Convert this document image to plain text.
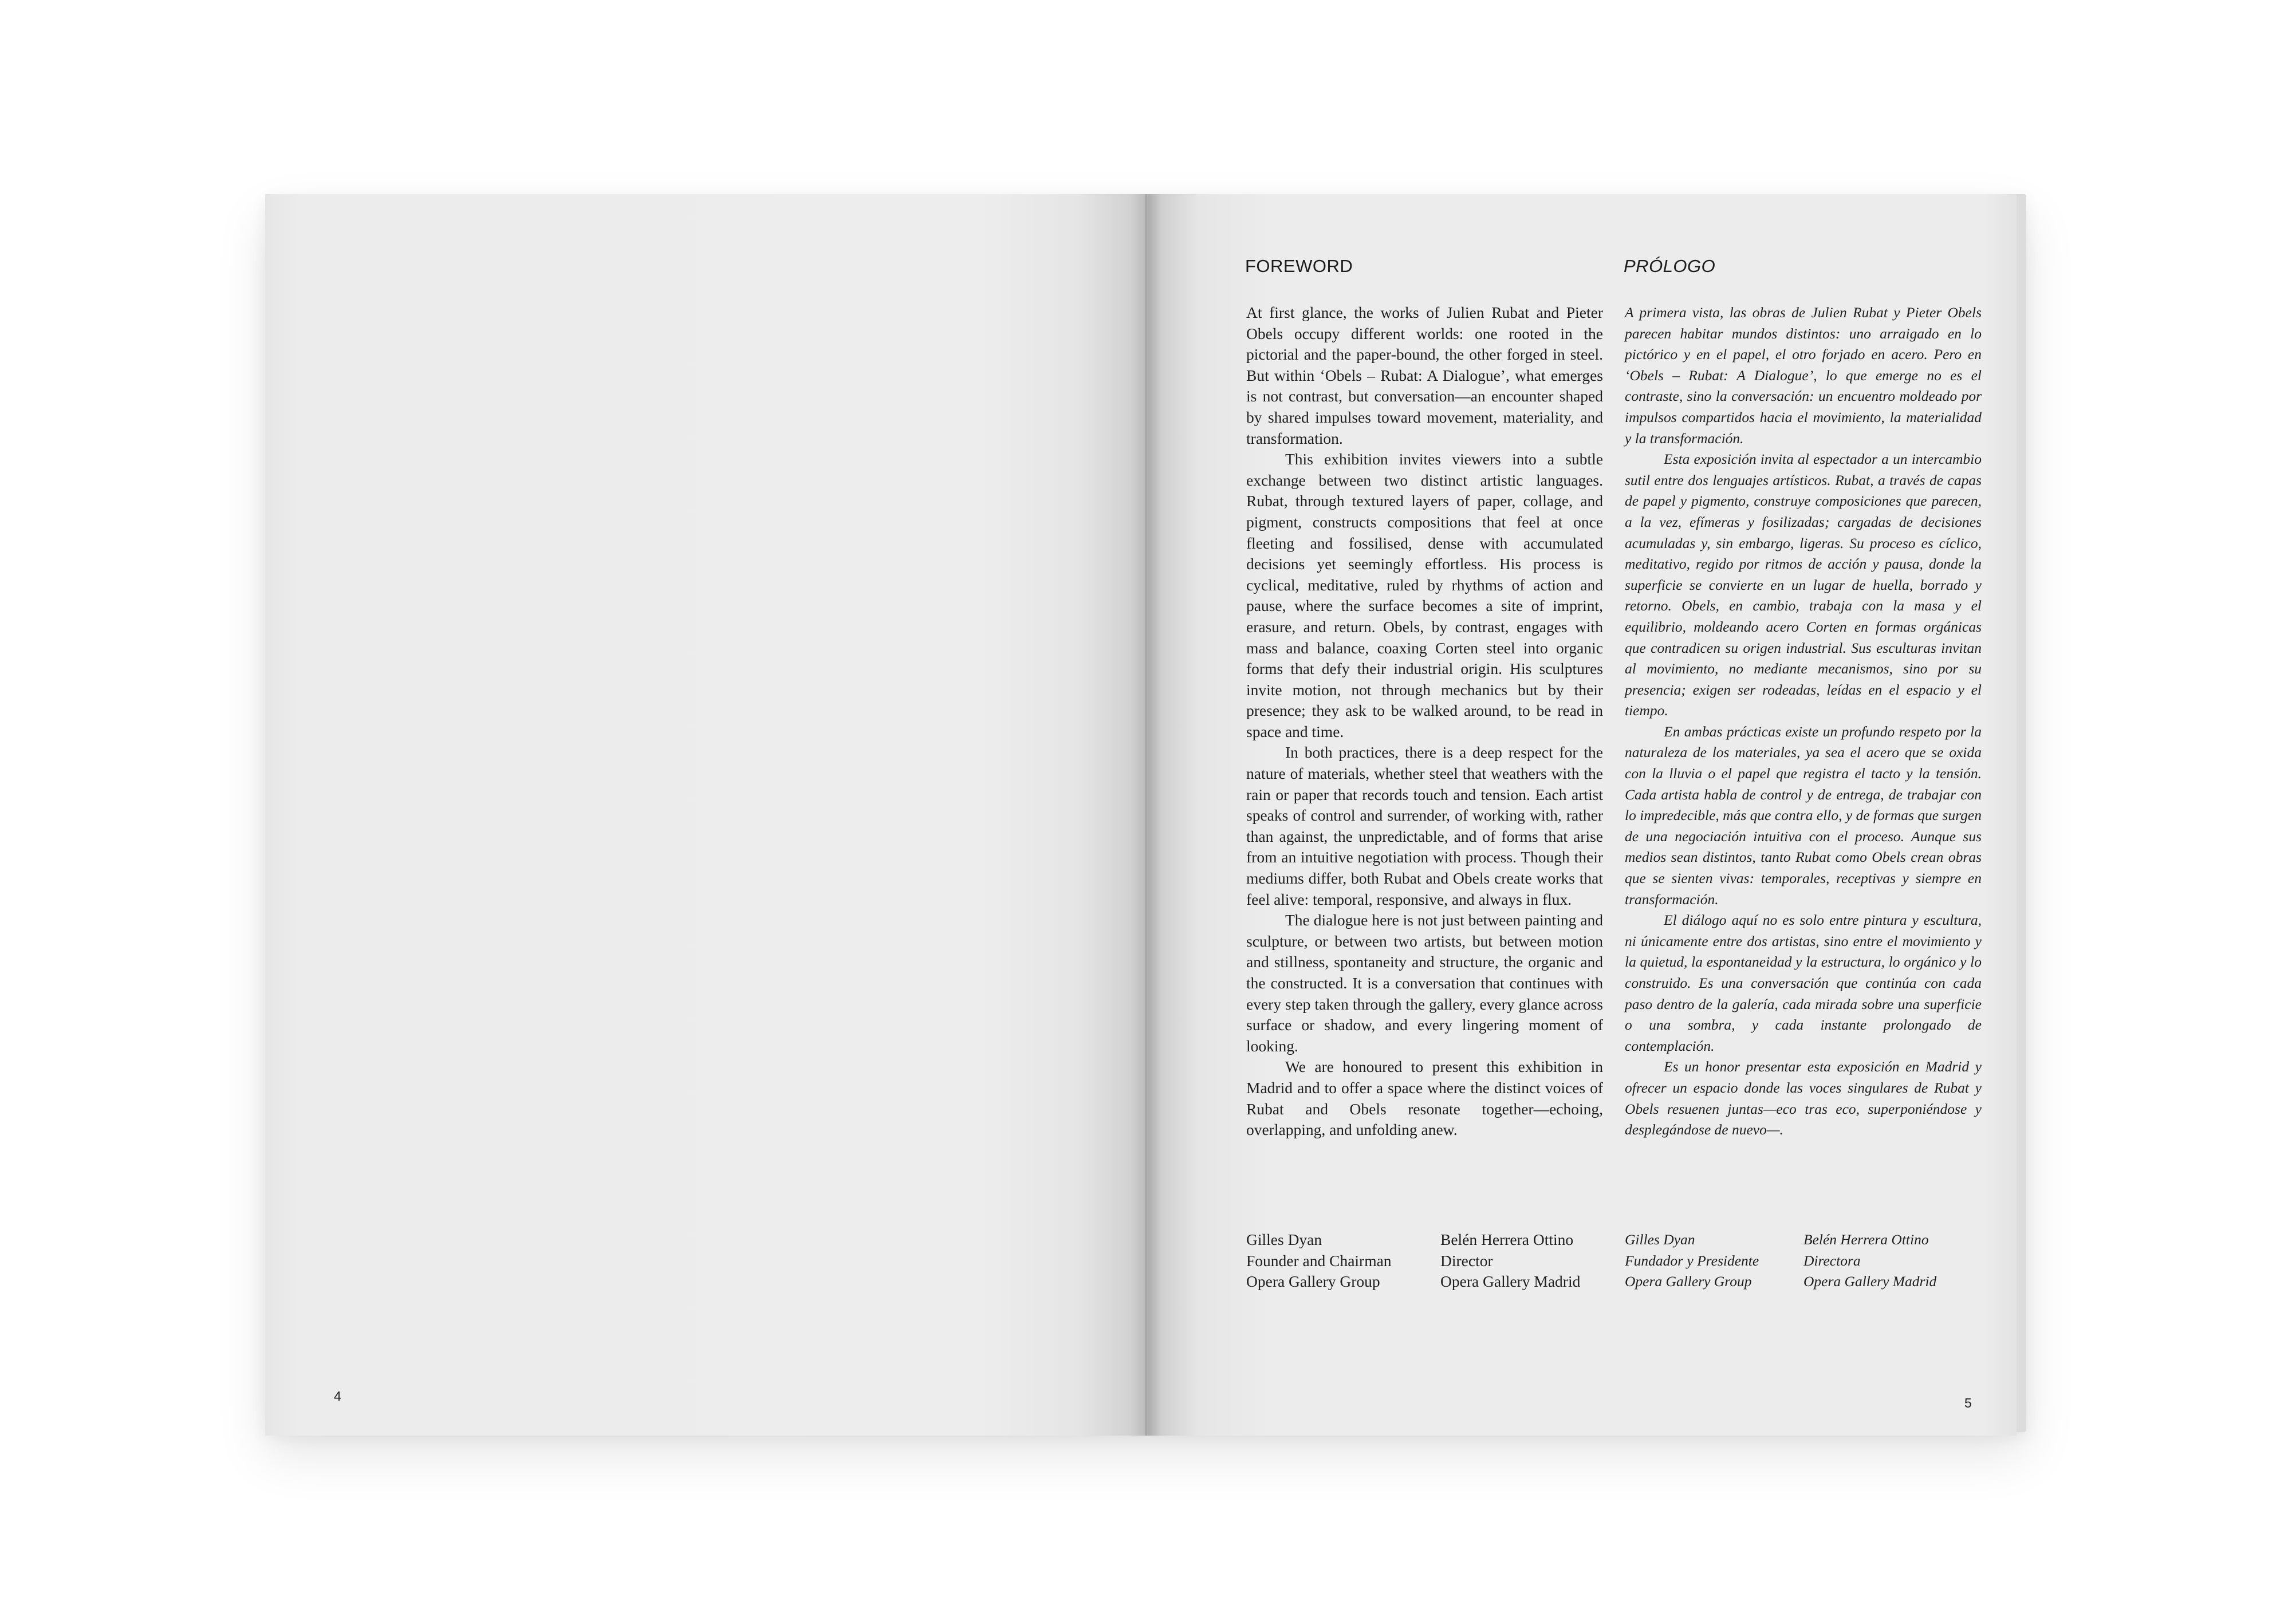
4
FOREWORD	PRÓLOGO

At first glance, the works of Julien Rubat and Pieter Obels occupy different worlds: one rooted in the pictorial and the paper-bound, the other forged in steel. But within ‘Obels – Rubat: A Dialogue’, what emerges is not contrast, but conversation—an encounter shaped by shared impulses toward movement, materiality, and transformation.

This exhibition invites viewers into a subtle exchange between two distinct artistic languages. Rubat, through textured layers of paper, collage, and pigment, constructs compositions that feel at once fleeting and fossilised, dense with accumulated decisions yet seemingly effortless. His process is cyclical, meditative, ruled by rhythms of action and pause, where the surface becomes a site of imprint, erasure, and return. Obels, by contrast, engages with mass and balance, coaxing Corten steel into organic forms that defy their industrial origin. His sculptures invite motion, not through mechanics but by their presence; they ask to be walked around, to be read in space and time.

In both practices, there is a deep respect for the nature of materials, whether steel that weathers with the rain or paper that records touch and tension. Each artist speaks of control and surrender, of working with, rather than against, the unpredictable, and of forms that arise from an intuitive negotiation with process. Though their mediums differ, both Rubat and Obels create works that feel alive: temporal, responsive, and always in flux.

The dialogue here is not just between painting and sculpture, or between two artists, but between motion and stillness, spontaneity and structure, the organic and the constructed. It is a conversation that continues with every step taken through the gallery, every glance across surface or shadow, and every lingering moment of looking.

We are honoured to present this exhibition in Madrid and to offer a space where the distinct voices of Rubat and Obels resonate together—echoing, overlapping, and unfolding anew.

A primera vista, las obras de Julien Rubat y Pieter Obels parecen habitar mundos distintos: uno arraigado en lo pictórico y en el papel, el otro forjado en acero. Pero en ‘Obels – Rubat: A Dialogue’, lo que emerge no es el contraste, sino la conversación: un encuentro moldeado por impulsos compartidos hacia el movimiento, la materialidad y la transformación.

Esta exposición invita al espectador a un intercambio sutil entre dos lenguajes artísticos. Rubat, a través de capas de papel y pigmento, construye composiciones que parecen, a la vez, efímeras y fosilizadas; cargadas de decisiones acumuladas y, sin embargo, ligeras. Su proceso es cíclico, meditativo, regido por ritmos de acción y pausa, donde la superficie se convierte en un lugar de huella, borrado y retorno. Obels, en cambio, trabaja con la masa y el equilibrio, moldeando acero Corten en formas orgánicas que contradicen su origen industrial. Sus esculturas invitan al movimiento, no mediante mecanismos, sino por su presencia; exigen ser rodeadas, leídas en el espacio y el tiempo.

En ambas prácticas existe un profundo respeto por la naturaleza de los materiales, ya sea el acero que se oxida con la lluvia o el papel que registra el tacto y la tensión. Cada artista habla de control y de entrega, de trabajar con lo impredecible, más que contra ello, y de formas que surgen de una negociación intuitiva con el proceso. Aunque sus medios sean distintos, tanto Rubat como Obels crean obras que se sienten vivas: temporales, receptivas y siempre en transformación.

El diálogo aquí no es solo entre pintura y escultura, ni únicamente entre dos artistas, sino entre el movimiento y la quietud, la espontaneidad y la estructura, lo orgánico y lo construido. Es una conversación que continúa con cada paso dentro de la galería, cada mirada sobre una superficie o una sombra, y cada instante prolongado de contemplación.

Es un honor presentar esta exposición en Madrid y ofrecer un espacio donde las voces singulares de Rubat y Obels resuenen juntas—eco tras eco, superponiéndose y desplegándose de nuevo—.

Gilles Dyan
Founder and Chairman
Opera Gallery Group
Belén Herrera Ottino
Director
Opera Gallery Madrid
Gilles Dyan
Fundador y Presidente
Opera Gallery Group
Belén Herrera Ottino
Directora
Opera Gallery Madrid
5
